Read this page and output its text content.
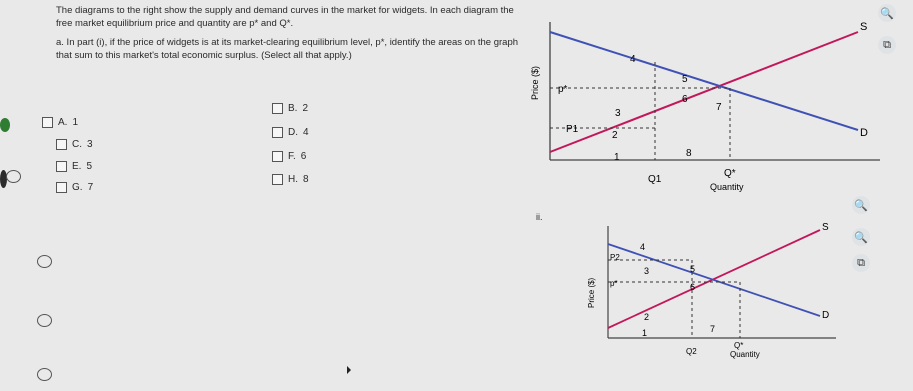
The diagrams to the right show the supply and demand curves in the market for widgets. In each diagram the free market equilibrium price and quantity are p* and Q*.

a. In part (i), if the price of widgets is at its market-clearing equilibrium level, p*, identify the areas on the graph that sum to this market's total economic surplus. (Select all that apply.)

A. 1
B. 2
C. 3
D. 4
E. 5
F. 6
G. 7
H. 8
S
D
Price ($)
Quantity
p*
P1
Q1
Q*
4
5
3
6
7
2
1	8
ii.
S
D
Price ($)
Quantity
P2
p*
Q2
Q*
4
3	5
6
2
1	7
🔍
⧉
🔍
🔍
⧉
